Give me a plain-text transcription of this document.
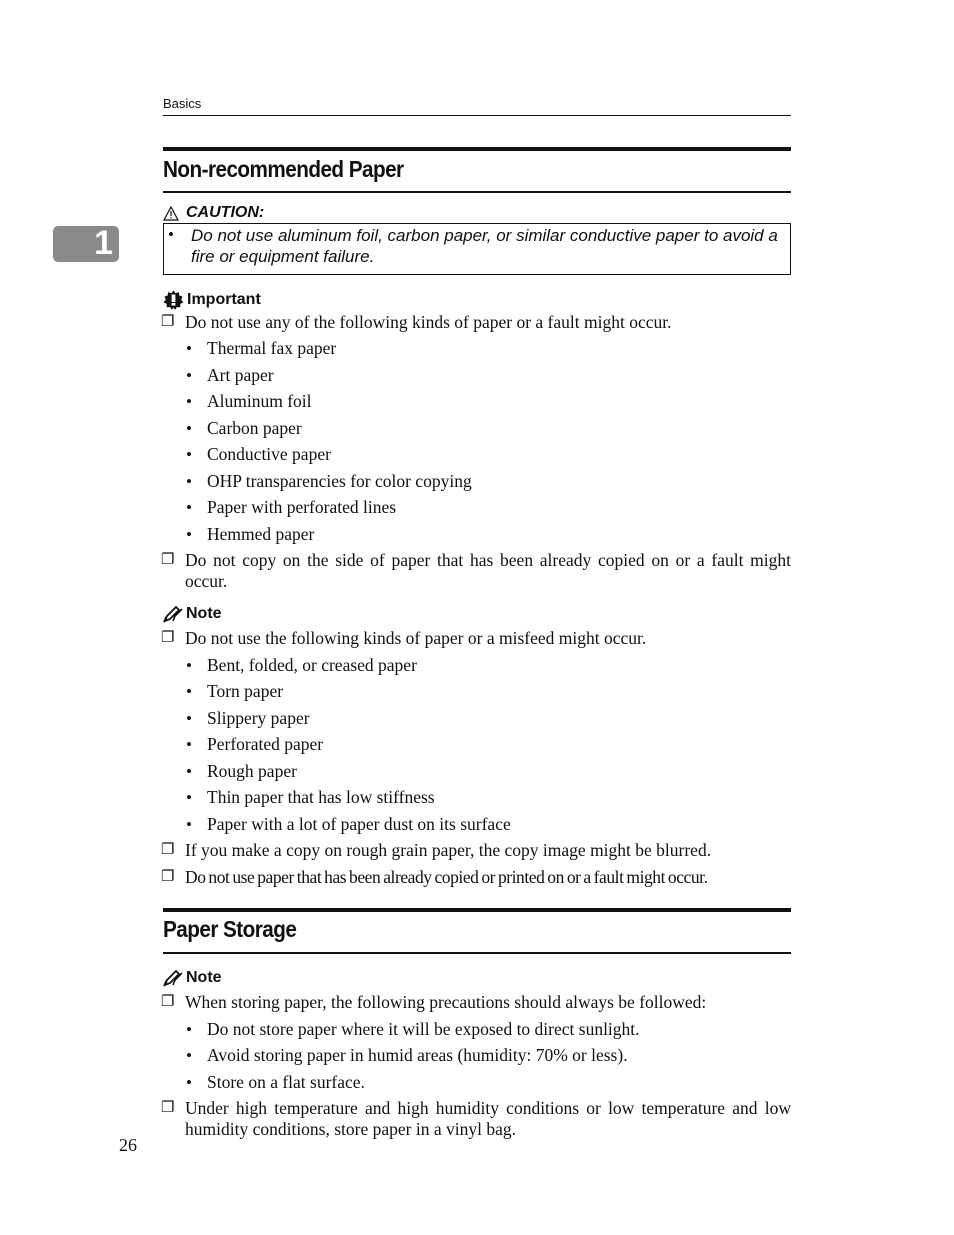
Basics
1
Non-recommended Paper
CAUTION:
• Do not use aluminum foil, carbon paper, or similar conductive paper to avoid a fire or equipment failure.
Important
❐ Do not use any of the following kinds of paper or a fault might occur.
• Thermal fax paper
• Art paper
• Aluminum foil
• Carbon paper
• Conductive paper
• OHP transparencies for color copying
• Paper with perforated lines
• Hemmed paper
❐ Do not copy on the side of paper that has been already copied on or a fault might occur.
Note
❐ Do not use the following kinds of paper or a misfeed might occur.
• Bent, folded, or creased paper
• Torn paper
• Slippery paper
• Perforated paper
• Rough paper
• Thin paper that has low stiffness
• Paper with a lot of paper dust on its surface
❐ If you make a copy on rough grain paper, the copy image might be blurred.
❐ Do not use paper that has been already copied or printed on or a fault might occur.
Paper Storage
Note
❐ When storing paper, the following precautions should always be followed:
• Do not store paper where it will be exposed to direct sunlight.
• Avoid storing paper in humid areas (humidity: 70% or less).
• Store on a flat surface.
❐ Under high temperature and high humidity conditions or low temperature and low humidity conditions, store paper in a vinyl bag.
26
